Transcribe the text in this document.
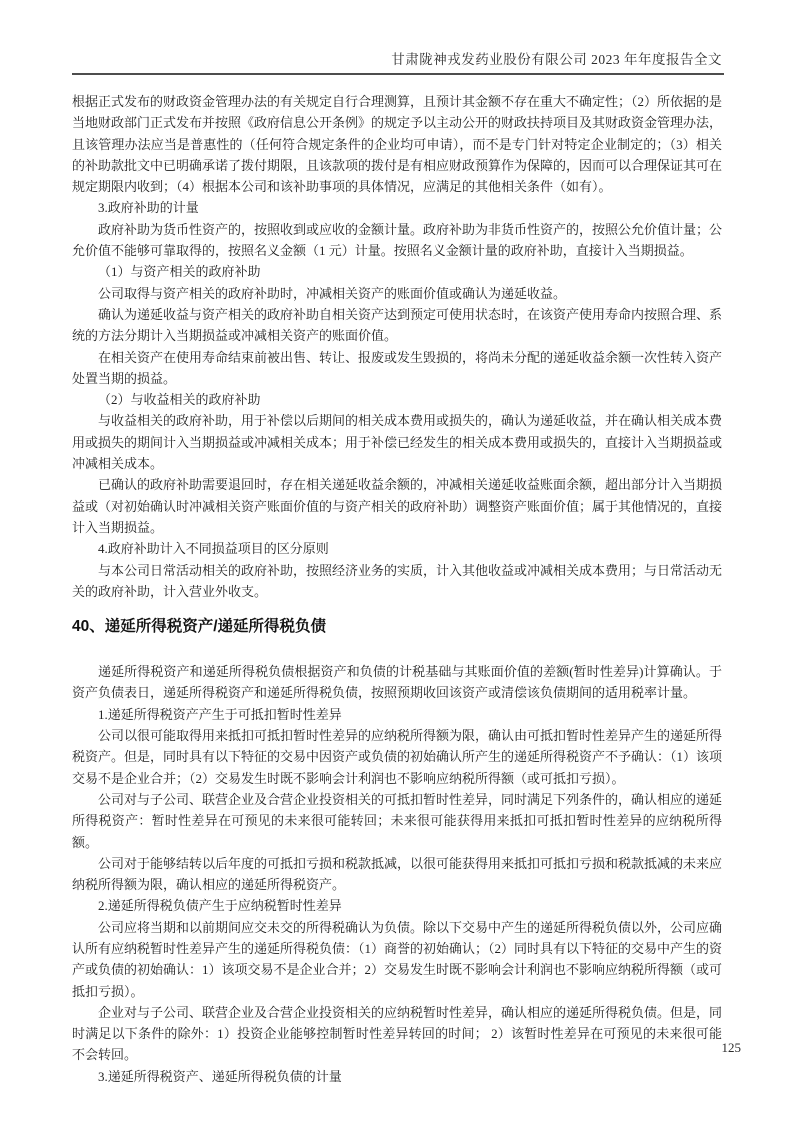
甘肃陇神戎发药业股份有限公司 2023 年年度报告全文
根据正式发布的财政资金管理办法的有关规定自行合理测算，且预计其金额不存在重大不确定性；（2）所依据的是当地财政部门正式发布并按照《政府信息公开条例》的规定予以主动公开的财政扶持项目及其财政资金管理办法，且该管理办法应当是普惠性的（任何符合规定条件的企业均可申请），而不是专门针对特定企业制定的；（3）相关的补助款批文中已明确承诺了拨付期限，且该款项的拨付是有相应财政预算作为保障的，因而可以合理保证其可在规定期限内收到；（4）根据本公司和该补助事项的具体情况，应满足的其他相关条件（如有）。
3.政府补助的计量
政府补助为货币性资产的，按照收到或应收的金额计量。政府补助为非货币性资产的，按照公允价值计量；公允价值不能够可靠取得的，按照名义金额（1 元）计量。按照名义金额计量的政府补助，直接计入当期损益。
（1）与资产相关的政府补助
公司取得与资产相关的政府补助时，冲减相关资产的账面价值或确认为递延收益。
确认为递延收益与资产相关的政府补助自相关资产达到预定可使用状态时，在该资产使用寿命内按照合理、系统的方法分期计入当期损益或冲减相关资产的账面价值。
在相关资产在使用寿命结束前被出售、转让、报废或发生毁损的，将尚未分配的递延收益余额一次性转入资产处置当期的损益。
（2）与收益相关的政府补助
与收益相关的政府补助，用于补偿以后期间的相关成本费用或损失的，确认为递延收益，并在确认相关成本费用或损失的期间计入当期损益或冲减相关成本；用于补偿已经发生的相关成本费用或损失的，直接计入当期损益或冲减相关成本。
已确认的政府补助需要退回时，存在相关递延收益余额的，冲减相关递延收益账面余额，超出部分计入当期损益或（对初始确认时冲减相关资产账面价值的与资产相关的政府补助）调整资产账面价值；属于其他情况的，直接计入当期损益。
4.政府补助计入不同损益项目的区分原则
与本公司日常活动相关的政府补助，按照经济业务的实质，计入其他收益或冲减相关成本费用；与日常活动无关的政府补助，计入营业外收支。
40、递延所得税资产/递延所得税负债
递延所得税资产和递延所得税负债根据资产和负债的计税基础与其账面价值的差额(暂时性差异)计算确认。于资产负债表日，递延所得税资产和递延所得税负债，按照预期收回该资产或清偿该负债期间的适用税率计量。
1.递延所得税资产产生于可抵扣暂时性差异
公司以很可能取得用来抵扣可抵扣暂时性差异的应纳税所得额为限，确认由可抵扣暂时性差异产生的递延所得税资产。但是，同时具有以下特征的交易中因资产或负债的初始确认所产生的递延所得税资产不予确认：（1）该项交易不是企业合并；（2）交易发生时既不影响会计利润也不影响应纳税所得额（或可抵扣亏损）。
公司对与子公司、联营企业及合营企业投资相关的可抵扣暂时性差异，同时满足下列条件的，确认相应的递延所得税资产：暂时性差异在可预见的未来很可能转回；未来很可能获得用来抵扣可抵扣暂时性差异的应纳税所得额。
公司对于能够结转以后年度的可抵扣亏损和税款抵减，以很可能获得用来抵扣可抵扣亏损和税款抵减的未来应纳税所得额为限，确认相应的递延所得税资产。
2.递延所得税负债产生于应纳税暂时性差异
公司应将当期和以前期间应交未交的所得税确认为负债。除以下交易中产生的递延所得税负债以外，公司应确认所有应纳税暂时性差异产生的递延所得税负债：（1）商誉的初始确认；（2）同时具有以下特征的交易中产生的资产或负债的初始确认：1）该项交易不是企业合并；2）交易发生时既不影响会计利润也不影响应纳税所得额（或可抵扣亏损）。
企业对与子公司、联营企业及合营企业投资相关的应纳税暂时性差异，确认相应的递延所得税负债。但是，同时满足以下条件的除外：1）投资企业能够控制暂时性差异转回的时间； 2）该暂时性差异在可预见的未来很可能不会转回。
3.递延所得税资产、递延所得税负债的计量
125
